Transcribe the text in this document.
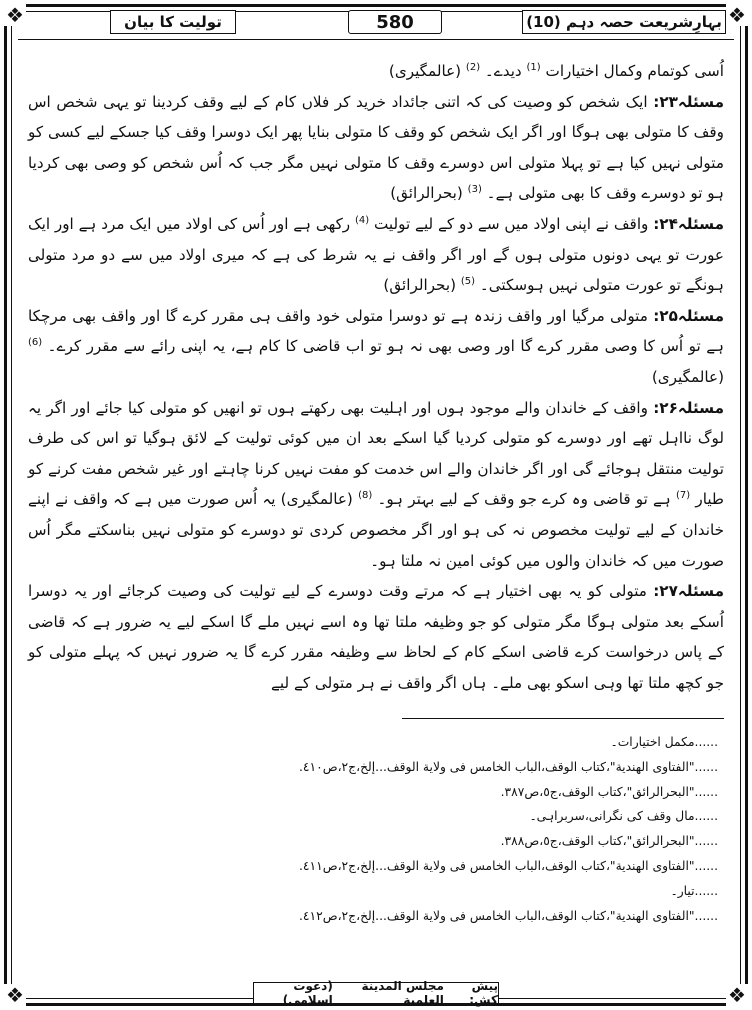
❖	❖
❖	❖
بہارِشریعت حصہ دہم (10)
580
تولیت کا بیان

اُسی کوتمام وکمال اختیارات $^{(1)}$ دیدے۔ $^{(2)}$ (عالمگیری)

مسئلہ۲۳: ایک شخص کو وصیت کی کہ اتنی جائداد خرید کر فلاں کام کے لیے وقف کردینا تو یہی شخص اس وقف کا متولی بھی ہوگا اور اگر ایک شخص کو وقف کا متولی بنایا پھر ایک دوسرا وقف کیا جسکے لیے کسی کو متولی نہیں کیا ہے تو پہلا متولی اس دوسرے وقف کا متولی نہیں مگر جب کہ اُس شخص کو وصی بھی کردیا ہو تو دوسرے وقف کا بھی متولی ہے۔ $^{(3)}$ (بحرالرائق)

مسئلہ۲۴: واقف نے اپنی اولاد میں سے دو کے لیے تولیت $^{(4)}$ رکھی ہے اور اُس کی اولاد میں ایک مرد ہے اور ایک عورت تو یہی دونوں متولی ہوں گے اور اگر واقف نے یہ شرط کی ہے کہ میری اولاد میں سے دو مرد متولی ہونگے تو عورت متولی نہیں ہوسکتی۔ $^{(5)}$ (بحرالرائق)

مسئلہ۲۵: متولی مرگیا اور واقف زندہ ہے تو دوسرا متولی خود واقف ہی مقرر کرے گا اور واقف بھی مرچکا ہے تو اُس کا وصی مقرر کرے گا اور وصی بھی نہ ہو تو اب قاضی کا کام ہے، یہ اپنی رائے سے مقرر کرے۔ $^{(6)}$ (عالمگیری)

مسئلہ۲۶: واقف کے خاندان والے موجود ہوں اور اہلیت بھی رکھتے ہوں تو انھیں کو متولی کیا جائے اور اگر یہ لوگ نااہل تھے اور دوسرے کو متولی کردیا گیا اسکے بعد ان میں کوئی تولیت کے لائق ہوگیا تو اس کی طرف تولیت منتقل ہوجائے گی اور اگر خاندان والے اس خدمت کو مفت نہیں کرنا چاہتے اور غیر شخص مفت کرنے کو طیار $^{(7)}$ ہے تو قاضی وہ کرے جو وقف کے لیے بہتر ہو۔ $^{(8)}$ (عالمگیری) یہ اُس صورت میں ہے کہ واقف نے اپنے خاندان کے لیے تولیت مخصوص نہ کی ہو اور اگر مخصوص کردی تو دوسرے کو متولی نہیں بناسکتے مگر اُس صورت میں کہ خاندان والوں میں کوئی امین نہ ملتا ہو۔

مسئلہ۲۷: متولی کو یہ بھی اختیار ہے کہ مرتے وقت دوسرے کے لیے تولیت کی وصیت کرجائے اور یہ دوسرا اُسکے بعد متولی ہوگا مگر متولی کو جو وظیفہ ملتا تھا وہ اسے نہیں ملے گا اسکے لیے یہ ضرور ہے کہ قاضی کے پاس درخواست کرے قاضی اسکے کام کے لحاظ سے وظیفہ مقرر کرے گا یہ ضرور نہیں کہ پہلے متولی کو جو کچھ ملتا تھا وہی اسکو بھی ملے۔ ہاں اگر واقف نے ہر متولی کے لیے

......مکمل اختیارات۔
......"الفتاوی الهندیة"،کتاب الوقف،الباب الخامس فی ولایة الوقف...إلخ،ج٢،ص٤١٠.
......"البحرالرائق"،کتاب الوقف،ج٥،ص٣٨٧.
......مال وقف کی نگرانی،سربراہی۔
......"البحرالرائق"،کتاب الوقف،ج٥،ص٣٨٨.
......"الفتاوی الهندیة"،کتاب الوقف،الباب الخامس فی ولایة الوقف...إلخ،ج٢،ص٤١١.
......تیار۔
......"الفتاوی الهندیة"،کتاب الوقف،الباب الخامس فی ولایة الوقف...إلخ،ج٢،ص٤١٢.
پیش کش:

مجلس المدينة العلمية

(دعوت اسلامی)
